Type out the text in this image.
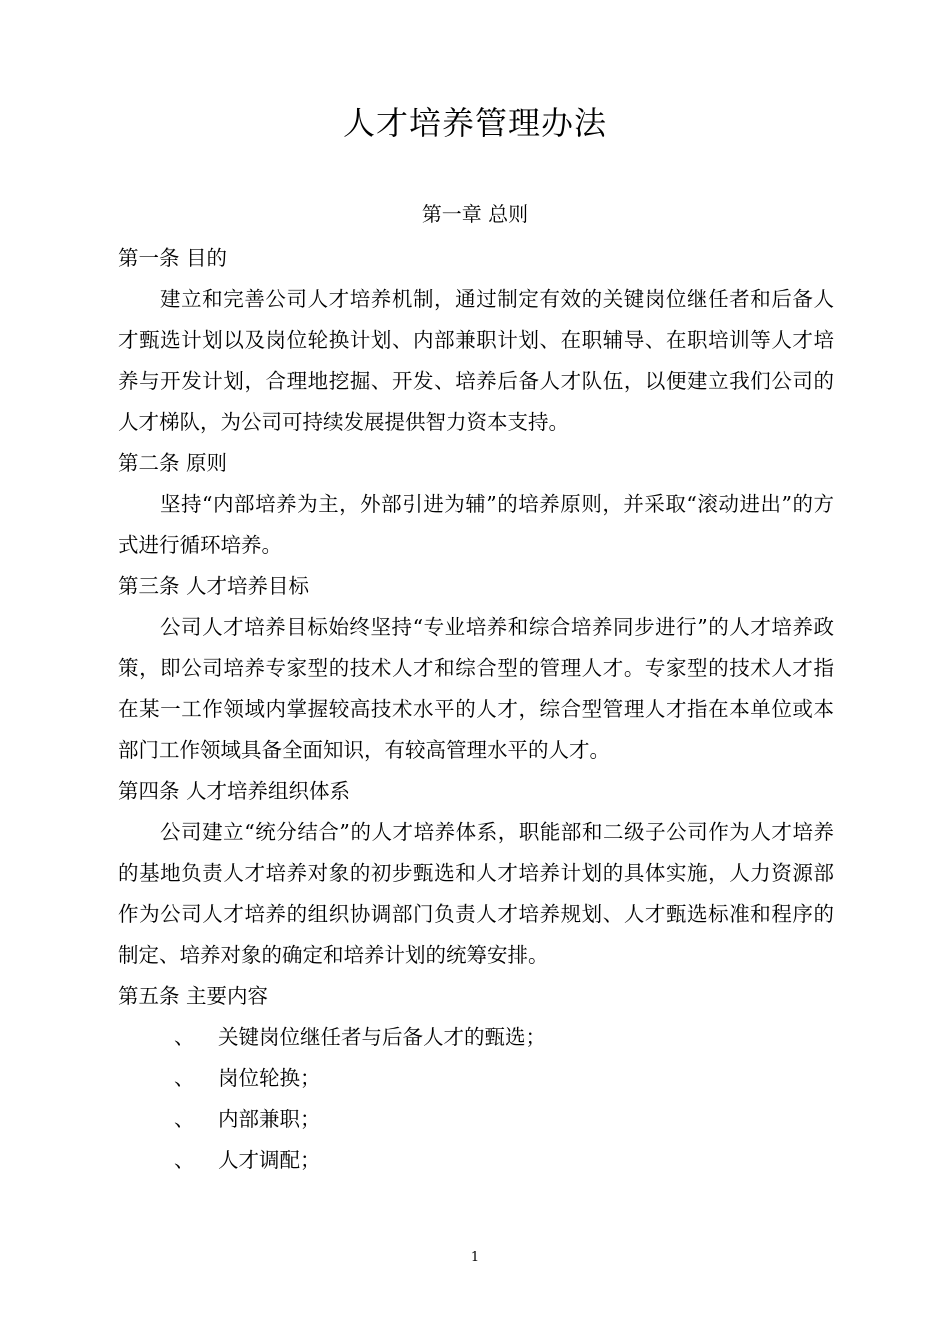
人才培养管理办法
第一章 总则
第一条 目的

建立和完善公司人才培养机制，通过制定有效的关键岗位继任者和后备人才甄选计划以及岗位轮换计划、内部兼职计划、在职辅导、在职培训等人才培养与开发计划，合理地挖掘、开发、培养后备人才队伍，以便建立我们公司的人才梯队，为公司可持续发展提供智力资本支持。

第二条 原则

坚持“内部培养为主，外部引进为辅”的培养原则，并采取“滚动进出”的方式进行循环培养。

第三条 人才培养目标

公司人才培养目标始终坚持“专业培养和综合培养同步进行”的人才培养政策，即公司培养专家型的技术人才和综合型的管理人才。专家型的技术人才指在某一工作领域内掌握较高技术水平的人才，综合型管理人才指在本单位或本部门工作领域具备全面知识，有较高管理水平的人才。

第四条 人才培养组织体系

公司建立“统分结合”的人才培养体系，职能部和二级子公司作为人才培养的基地负责人才培养对象的初步甄选和人才培养计划的具体实施，人力资源部作为公司人才培养的组织协调部门负责人才培养规划、人才甄选标准和程序的制定、培养对象的确定和培养计划的统筹安排。

第五条 主要内容
、 关键岗位继任者与后备人才的甄选；
、 岗位轮换；
、 内部兼职；
、 人才调配；
1
